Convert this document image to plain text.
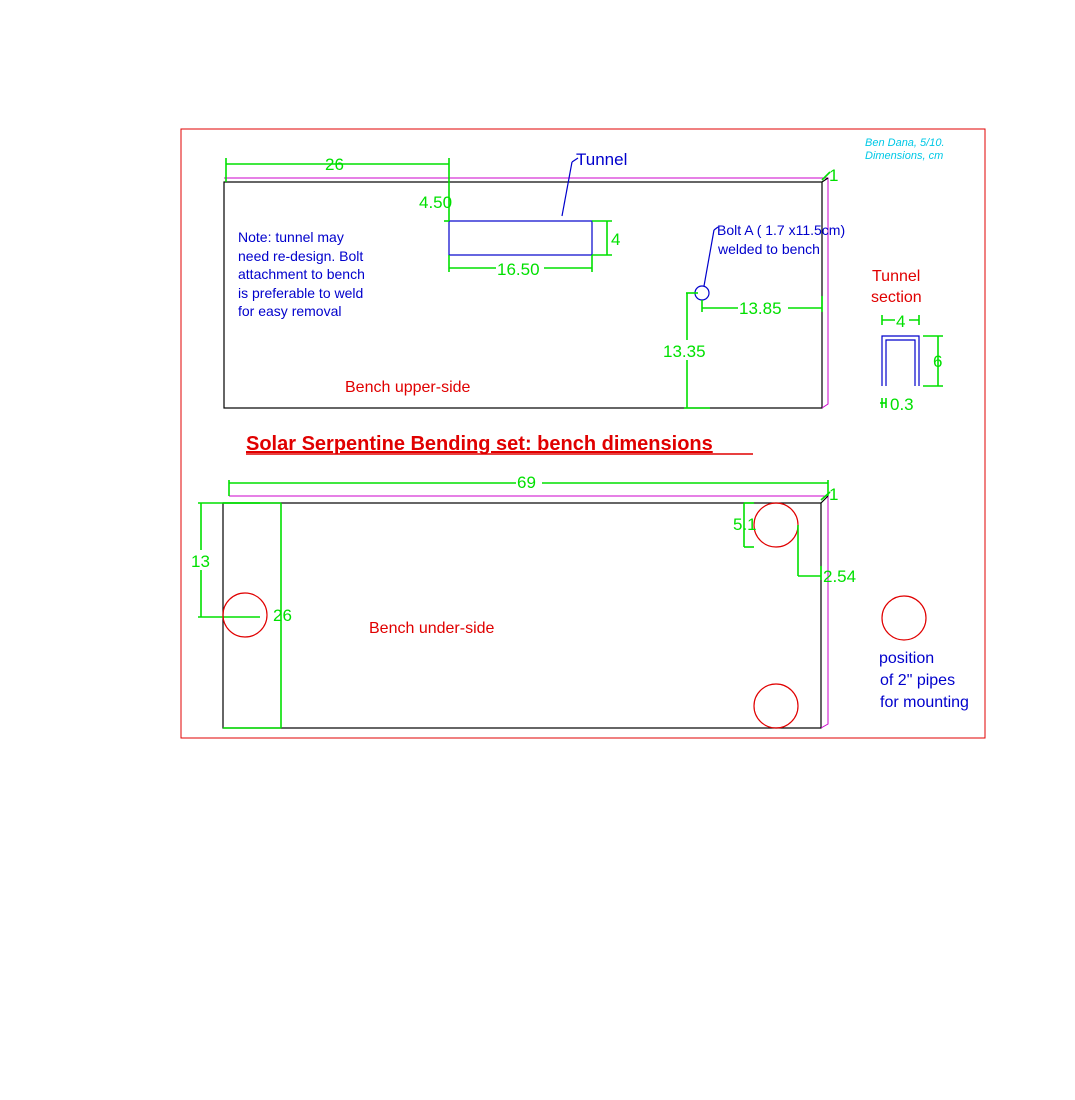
Ben Dana, 5/10.
Dimensions, cm
26
1
Tunnel
4.50
4
16.50
Note: tunnel may
need re-design. Bolt
attachment to bench
is preferable to weld
for easy removal
Bolt A ( 1.7 x11.5cm)
welded to bench
13.85
13.35
Bench upper-side
Tunnel
section
4
6
0.3
Solar Serpentine Bending set: bench dimensions
69
1
26
13
5.1
2.54
Bench under-side
position
of 2" pipes
for mounting
